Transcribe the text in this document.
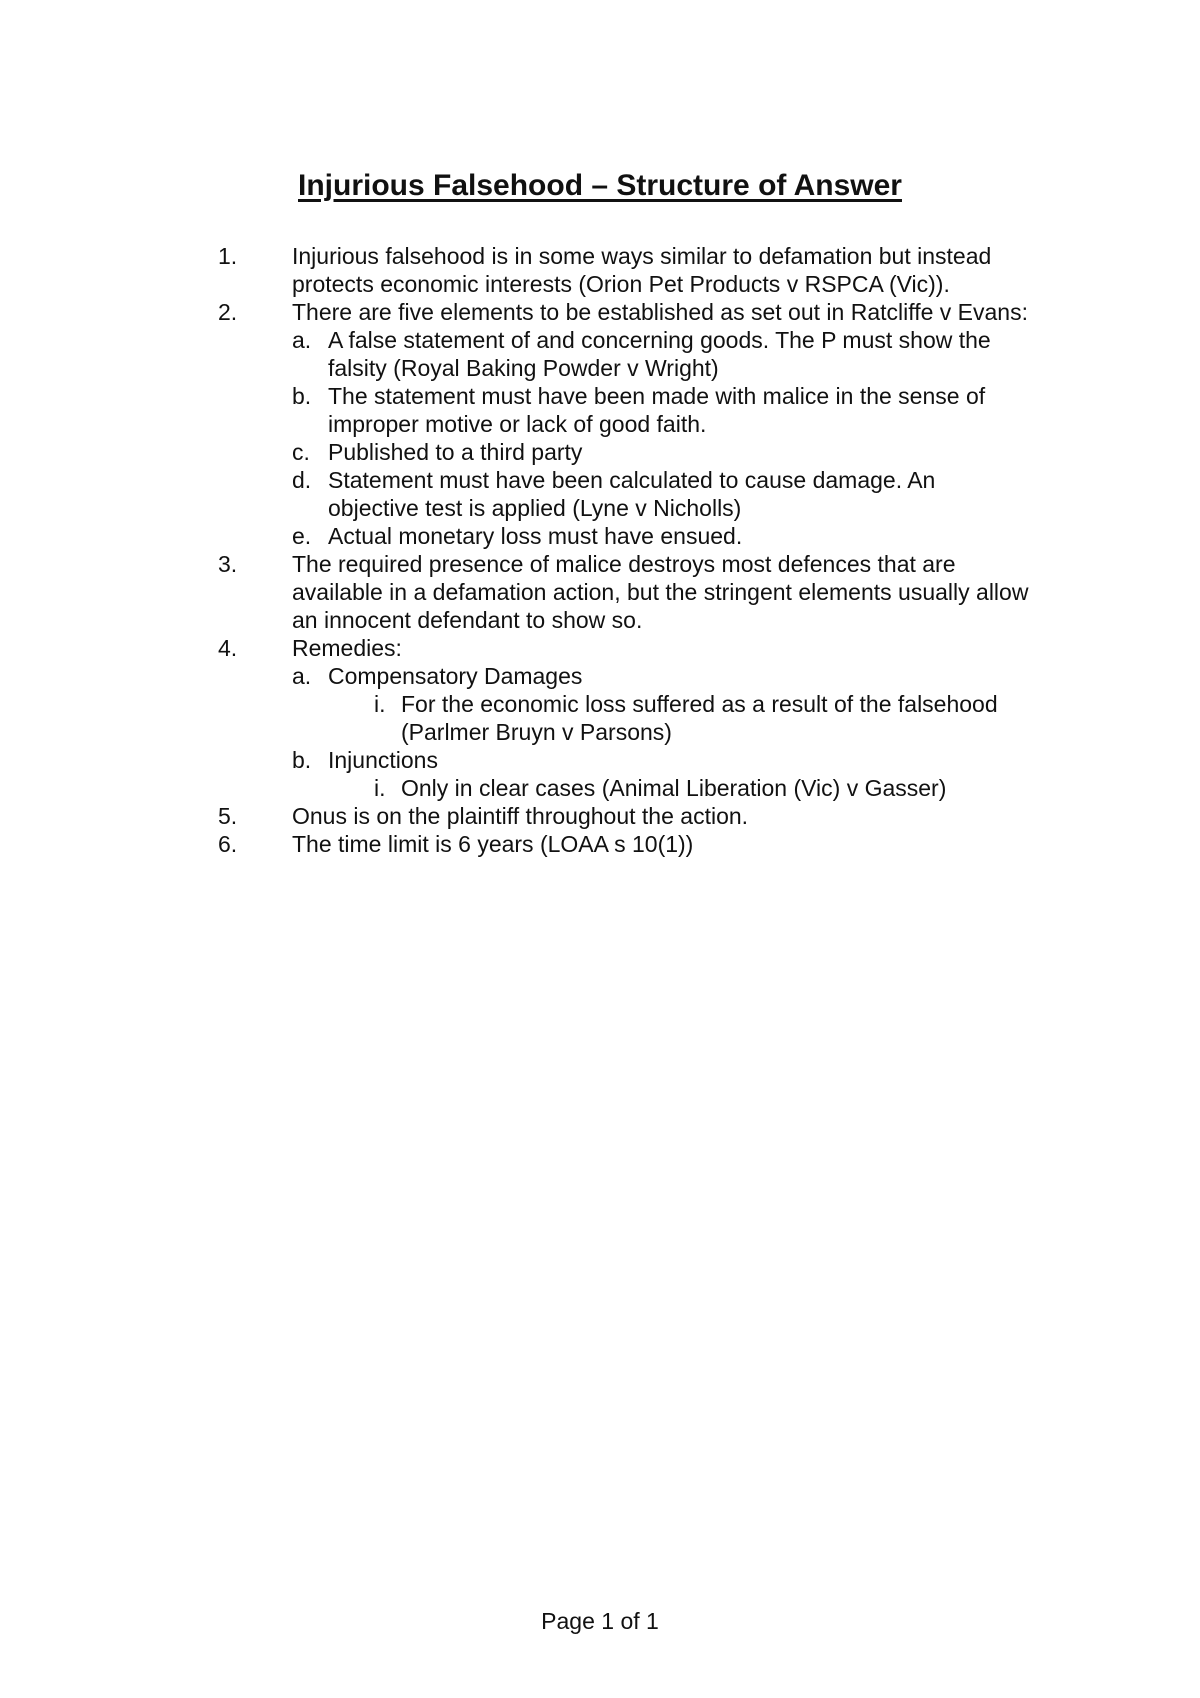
Injurious Falsehood – Structure of Answer
1. Injurious falsehood is in some ways similar to defamation but instead protects economic interests (Orion Pet Products v RSPCA (Vic)).
2. There are five elements to be established as set out in Ratcliffe v Evans:
a. A false statement of and concerning goods. The P must show the falsity (Royal Baking Powder v Wright)
b. The statement must have been made with malice in the sense of improper motive or lack of good faith.
c. Published to a third party
d. Statement must have been calculated to cause damage. An objective test is applied (Lyne v Nicholls)
e. Actual monetary loss must have ensued.
3. The required presence of malice destroys most defences that are available in a defamation action, but the stringent elements usually allow an innocent defendant to show so.
4. Remedies:
a. Compensatory Damages
i. For the economic loss suffered as a result of the falsehood (Parlmer Bruyn v Parsons)
b. Injunctions
i. Only in clear cases (Animal Liberation (Vic) v Gasser)
5. Onus is on the plaintiff throughout the action.
6. The time limit is 6 years (LOAA s 10(1))
Page 1 of 1
